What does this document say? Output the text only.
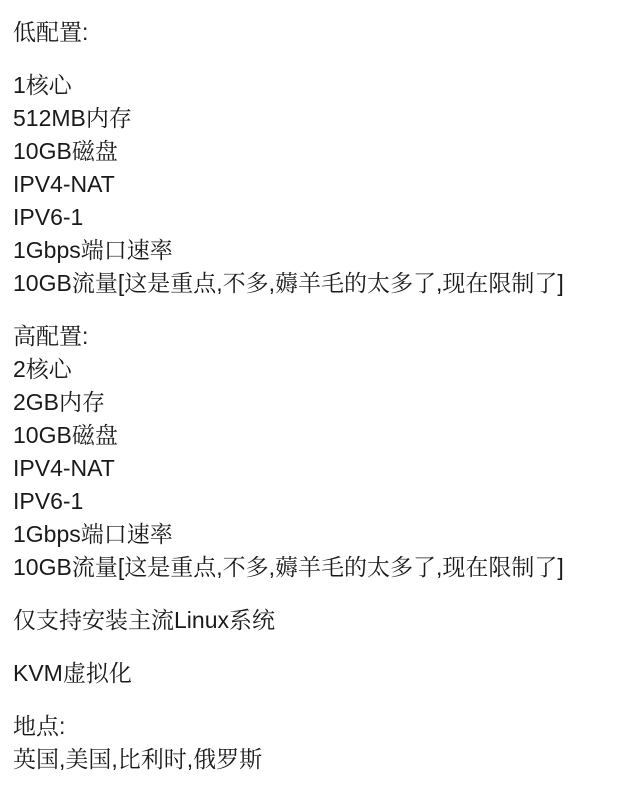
低配置:

1核心
512MB内存
10GB磁盘
IPV4-NAT
IPV6-1
1Gbps端口速率
10GB流量[这是重点,不多,薅羊毛的太多了,现在限制了]

高配置:
2核心
2GB内存
10GB磁盘
IPV4-NAT
IPV6-1
1Gbps端口速率
10GB流量[这是重点,不多,薅羊毛的太多了,现在限制了]

仅支持安装主流Linux系统

KVM虚拟化

地点:
英国,美国,比利时,俄罗斯
